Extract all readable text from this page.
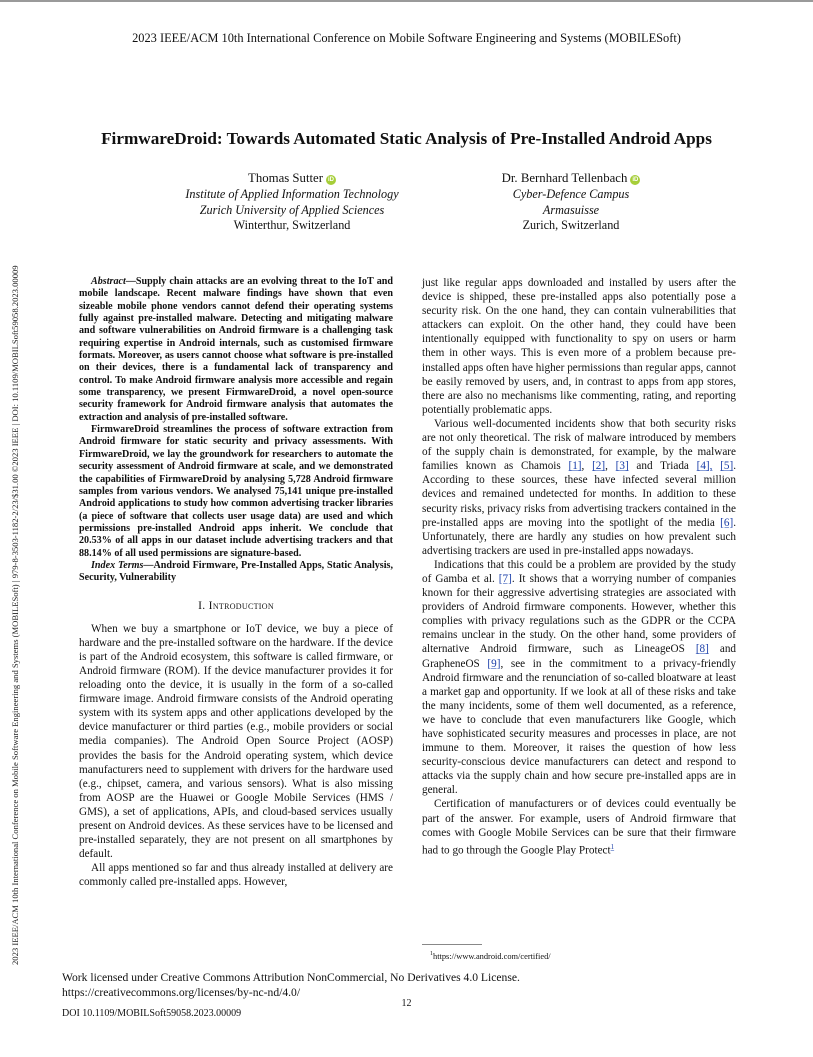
2023 IEEE/ACM 10th International Conference on Mobile Software Engineering and Systems (MOBILESoft)
2023 IEEE/ACM 10th International Conference on Mobile Software Engineering and Systems (MOBILESoft) | 979-8-3503-1182-2/23/$31.00 ©2023 IEEE | DOI: 10.1109/MOBILSoft59058.2023.00009
FirmwareDroid: Towards Automated Static Analysis of Pre-Installed Android Apps
Thomas Sutter iD
Institute of Applied Information Technology
Zurich University of Applied Sciences
Winterthur, Switzerland
Dr. Bernhard Tellenbach iD
Cyber-Defence Campus
Armasuisse
Zurich, Switzerland

Abstract—Supply chain attacks are an evolving threat to the IoT and mobile landscape. Recent malware findings have shown that even sizeable mobile phone vendors cannot defend their operating systems fully against pre-installed malware. Detecting and mitigating malware and software vulnerabilities on Android firmware is a challenging task requiring expertise in Android internals, such as customised firmware formats. Moreover, as users cannot choose what software is pre-installed on their devices, there is a fundamental lack of transparency and control. To make Android firmware analysis more accessible and regain some transparency, we present FirmwareDroid, a novel open-source security framework for Android firmware analysis that automates the extraction and analysis of pre-installed software.

FirmwareDroid streamlines the process of software extraction from Android firmware for static security and privacy assessments. With FirmwareDroid, we lay the groundwork for researchers to automate the security assessment of Android firmware at scale, and we demonstrated the capabilities of FirmwareDroid by analysing 5,728 Android firmware samples from various vendors. We analysed 75,141 unique pre-installed Android applications to study how common advertising tracker libraries (a piece of software that collects user usage data) are used and which permissions pre-installed Android apps inherit. We conclude that 20.53% of all apps in our dataset include advertising trackers and that 88.14% of all used permissions are signature-based.

Index Terms—Android Firmware, Pre-Installed Apps, Static Analysis, Security, Vulnerability

I. Introduction

When we buy a smartphone or IoT device, we buy a piece of hardware and the pre-installed software on the hardware. If the device is part of the Android ecosystem, this software is called firmware, or Android firmware (ROM). If the device manufacturer provides it for reloading onto the device, it is usually in the form of a so-called firmware image. Android firmware consists of the Android operating system with its system apps and other applications developed by the device manufacturer or third parties (e.g., mobile providers or social media companies). The Android Open Source Project (AOSP) provides the basis for the Android operating system, which device manufacturers need to supplement with drivers for the hardware used (e.g., chipset, camera, and various sensors). What is also missing from AOSP are the Huawei or Google Mobile Services (HMS / GMS), a set of applications, APIs, and cloud-based services usually present on Android devices. As these services have to be licensed and pre-installed separately, they are not present on all smartphones by default.

All apps mentioned so far and thus already installed at delivery are commonly called pre-installed apps. However,

just like regular apps downloaded and installed by users after the device is shipped, these pre-installed apps also potentially pose a security risk. On the one hand, they can contain vulnerabilities that attackers can exploit. On the other hand, they could have been intentionally equipped with functionality to spy on users or harm them in other ways. This is even more of a problem because pre-installed apps often have higher permissions than regular apps, cannot be easily removed by users, and, in contrast to apps from app stores, there are also no mechanisms like commenting, rating, and reporting potentially problematic apps.

Various well-documented incidents show that both security risks are not only theoretical. The risk of malware introduced by members of the supply chain is demonstrated, for example, by the malware families known as Chamois [1], [2], [3] and Triada [4], [5]. According to these sources, these have infected several million devices and remained undetected for months. In addition to these security risks, privacy risks from advertising trackers contained in the pre-installed apps are moving into the spotlight of the media [6]. Unfortunately, there are hardly any studies on how prevalent such advertising trackers are used in pre-installed apps nowadays.

Indications that this could be a problem are provided by the study of Gamba et al. [7]. It shows that a worrying number of companies known for their aggressive advertising strategies are associated with providers of Android firmware components. However, whether this complies with privacy regulations such as the GDPR or the CCPA remains unclear in the study. On the other hand, some providers of alternative Android firmware, such as LineageOS [8] and GrapheneOS [9], see in the commitment to a privacy-friendly Android firmware and the renunciation of so-called bloatware at least a market gap and opportunity. If we look at all of these risks and take the many incidents, some of them well documented, as a reference, we have to conclude that even manufacturers like Google, which have sophisticated security measures and processes in place, are not immune to them. Moreover, it raises the question of how less security-conscious device manufacturers can detect and respond to attacks via the supply chain and how secure pre-installed apps are in general.

Certification of manufacturers or of devices could eventually be part of the answer. For example, users of Android firmware that comes with Google Mobile Services can be sure that their firmware had to go through the Google Play Protect$^1$

$^1$https://www.android.com/certified/
Work licensed under Creative Commons Attribution NonCommercial, No Derivatives 4.0 License.
https://creativecommons.org/licenses/by-nc-nd/4.0/
12
DOI 10.1109/MOBILSoft59058.2023.00009
